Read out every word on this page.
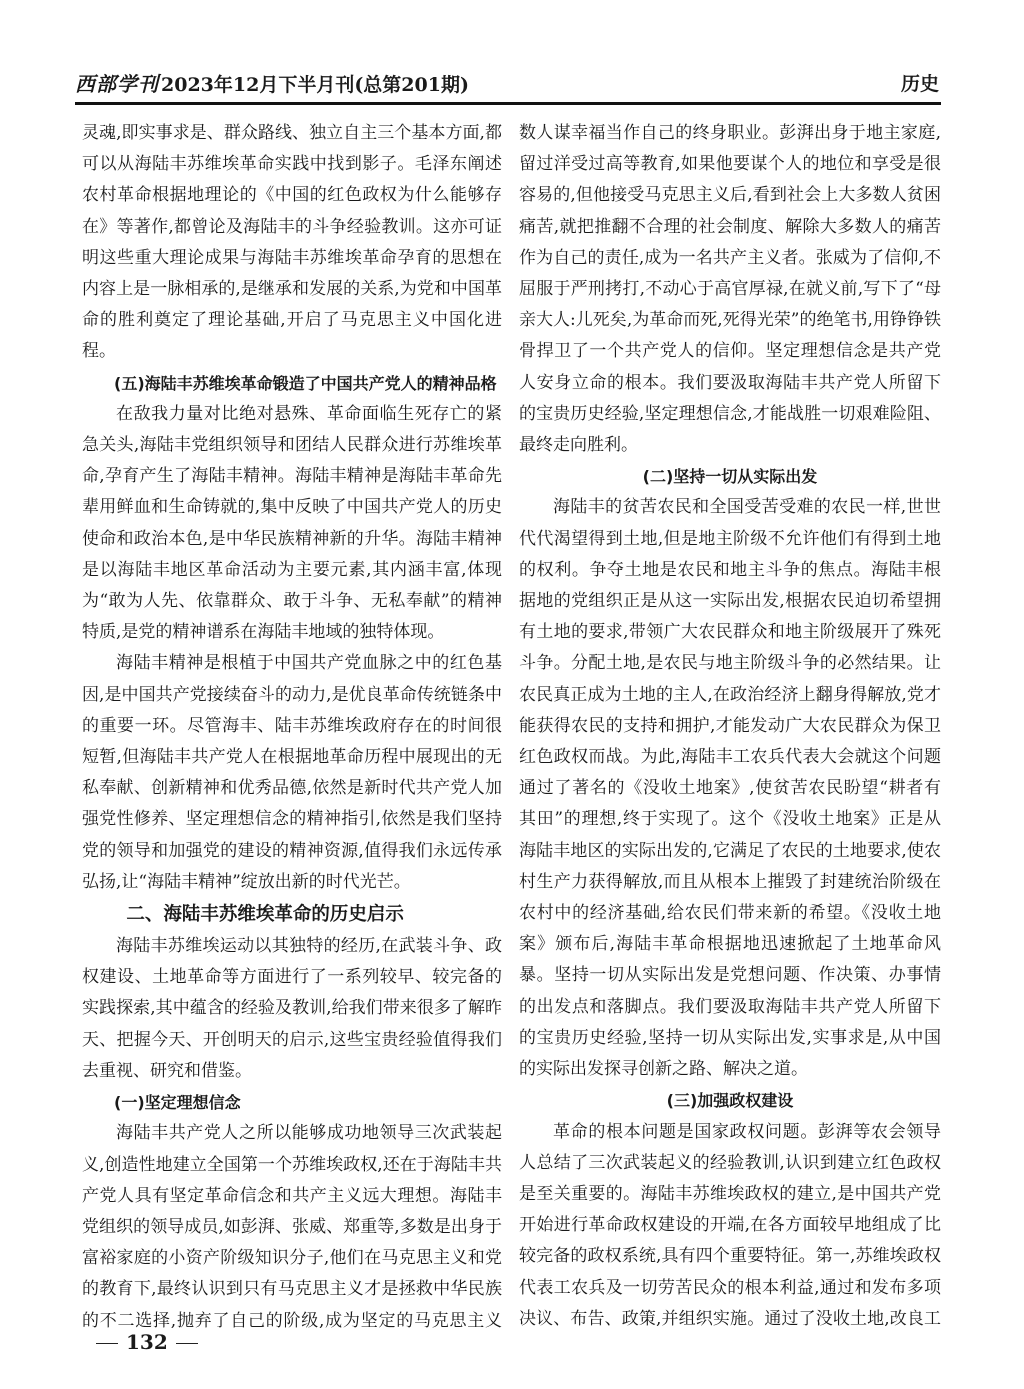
西部学刊 2023年12月下半月刊(总第201期)	历史

灵魂,即实事求是、群众路线、独立自主三个基本方面,都可以从海陆丰苏维埃革命实践中找到影子。毛泽东阐述农村革命根据地理论的《中国的红色政权为什么能够存在》等著作,都曾论及海陆丰的斗争经验教训。这亦可证明这些重大理论成果与海陆丰苏维埃革命孕育的思想在内容上是一脉相承的,是继承和发展的关系,为党和中国革命的胜利奠定了理论基础,开启了马克思主义中国化进程。

(五)海陆丰苏维埃革命锻造了中国共产党人的精神品格

在敌我力量对比绝对悬殊、革命面临生死存亡的紧急关头,海陆丰党组织领导和团结人民群众进行苏维埃革命,孕育产生了海陆丰精神。海陆丰精神是海陆丰革命先辈用鲜血和生命铸就的,集中反映了中国共产党人的历史使命和政治本色,是中华民族精神新的升华。海陆丰精神是以海陆丰地区革命活动为主要元素,其内涵丰富,体现为“敢为人先、依靠群众、敢于斗争、无私奉献”的精神特质,是党的精神谱系在海陆丰地域的独特体现。

海陆丰精神是根植于中国共产党血脉之中的红色基因,是中国共产党接续奋斗的动力,是优良革命传统链条中的重要一环。尽管海丰、陆丰苏维埃政府存在的时间很短暂,但海陆丰共产党人在根据地革命历程中展现出的无私奉献、创新精神和优秀品德,依然是新时代共产党人加强党性修养、坚定理想信念的精神指引,依然是我们坚持党的领导和加强党的建设的精神资源,值得我们永远传承弘扬,让“海陆丰精神”绽放出新的时代光芒。

二、海陆丰苏维埃革命的历史启示

海陆丰苏维埃运动以其独特的经历,在武装斗争、政权建设、土地革命等方面进行了一系列较早、较完备的实践探索,其中蕴含的经验及教训,给我们带来很多了解昨天、把握今天、开创明天的启示,这些宝贵经验值得我们去重视、研究和借鉴。

(一)坚定理想信念

海陆丰共产党人之所以能够成功地领导三次武装起义,创造性地建立全国第一个苏维埃政权,还在于海陆丰共产党人具有坚定革命信念和共产主义远大理想。海陆丰党组织的领导成员,如彭湃、张威、郑重等,多数是出身于富裕家庭的小资产阶级知识分子,他们在马克思主义和党的教育下,最终认识到只有马克思主义才是拯救中华民族的不二选择,抛弃了自己的阶级,成为坚定的马克思主义

数人谋幸福当作自己的终身职业。彭湃出身于地主家庭,留过洋受过高等教育,如果他要谋个人的地位和享受是很容易的,但他接受马克思主义后,看到社会上大多数人贫困痛苦,就把推翻不合理的社会制度、解除大多数人的痛苦作为自己的责任,成为一名共产主义者。张威为了信仰,不屈服于严刑拷打,不动心于高官厚禄,在就义前,写下了“母亲大人:儿死矣,为革命而死,死得光荣”的绝笔书,用铮铮铁骨捍卫了一个共产党人的信仰。坚定理想信念是共产党人安身立命的根本。我们要汲取海陆丰共产党人所留下的宝贵历史经验,坚定理想信念,才能战胜一切艰难险阻、最终走向胜利。

(二)坚持一切从实际出发

海陆丰的贫苦农民和全国受苦受难的农民一样,世世代代渴望得到土地,但是地主阶级不允许他们有得到土地的权利。争夺土地是农民和地主斗争的焦点。海陆丰根据地的党组织正是从这一实际出发,根据农民迫切希望拥有土地的要求,带领广大农民群众和地主阶级展开了殊死斗争。分配土地,是农民与地主阶级斗争的必然结果。让农民真正成为土地的主人,在政治经济上翻身得解放,党才能获得农民的支持和拥护,才能发动广大农民群众为保卫红色政权而战。为此,海陆丰工农兵代表大会就这个问题通过了著名的《没收土地案》,使贫苦农民盼望“耕者有其田”的理想,终于实现了。这个《没收土地案》正是从海陆丰地区的实际出发的,它满足了农民的土地要求,使农村生产力获得解放,而且从根本上摧毁了封建统治阶级在农村中的经济基础,给农民们带来新的希望。《没收土地案》颁布后,海陆丰革命根据地迅速掀起了土地革命风暴。坚持一切从实际出发是党想问题、作决策、办事情的出发点和落脚点。我们要汲取海陆丰共产党人所留下的宝贵历史经验,坚持一切从实际出发,实事求是,从中国的实际出发探寻创新之路、解决之道。

(三)加强政权建设

革命的根本问题是国家政权问题。彭湃等农会领导人总结了三次武装起义的经验教训,认识到建立红色政权是至关重要的。海陆丰苏维埃政权的建立,是中国共产党开始进行革命政权建设的开端,在各方面较早地组成了比较完备的政权系统,具有四个重要特征。第一,苏维埃政权代表工农兵及一切劳苦民众的根本利益,通过和发布多项决议、布告、政策,并组织实施。通过了没收土地,改良工

132
